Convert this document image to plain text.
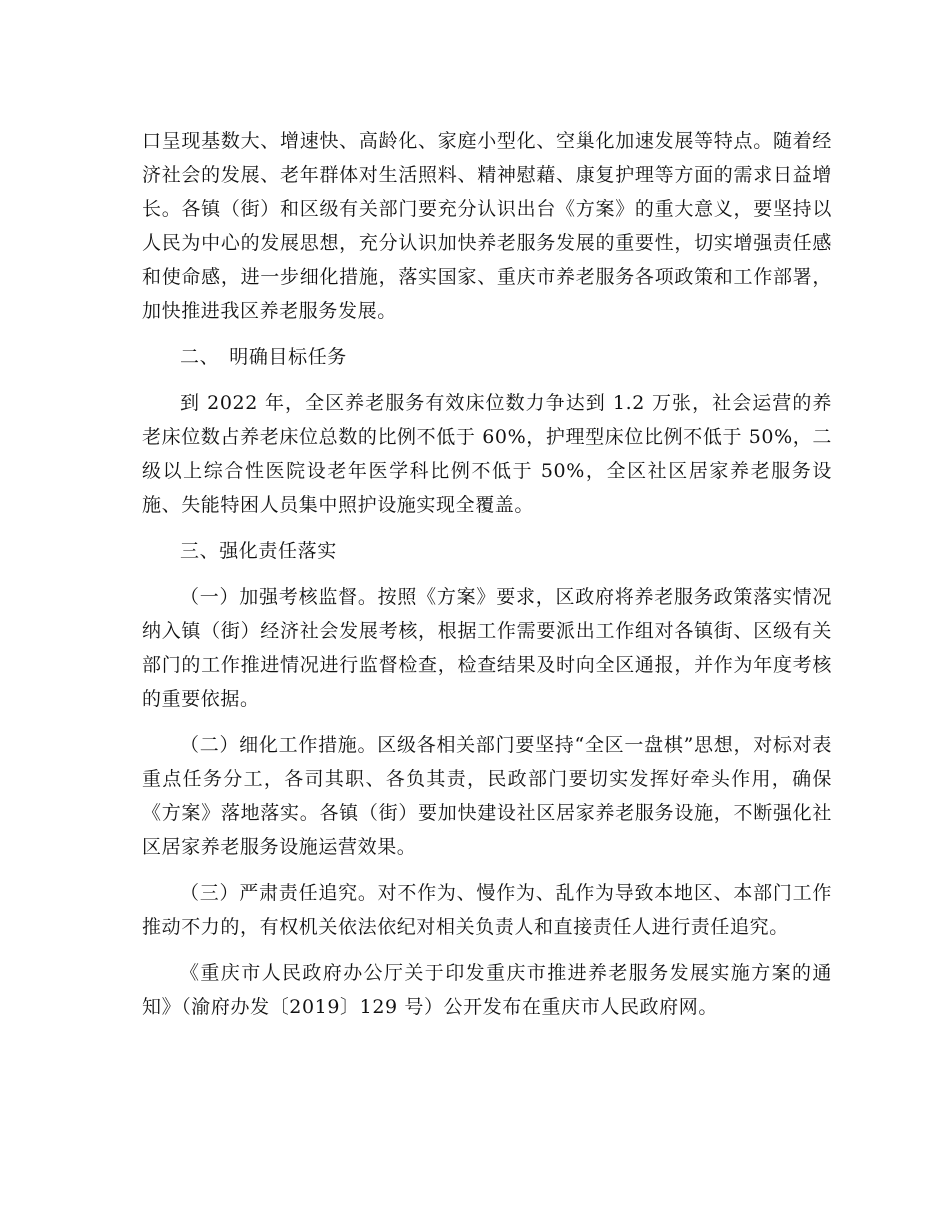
口呈现基数大、增速快、高龄化、家庭小型化、空巢化加速发展等特点。随着经济社会的发展、老年群体对生活照料、精神慰藉、康复护理等方面的需求日益增长。各镇（街）和区级有关部门要充分认识出台《方案》的重大意义，要坚持以人民为中心的发展思想，充分认识加快养老服务发展的重要性，切实增强责任感和使命感，进一步细化措施，落实国家、重庆市养老服务各项政策和工作部署，加快推进我区养老服务发展。

二、　明确目标任务

到 2022 年，全区养老服务有效床位数力争达到 1.2 万张，社会运营的养老床位数占养老床位总数的比例不低于 60%，护理型床位比例不低于 50%，二级以上综合性医院设老年医学科比例不低于 50%，全区社区居家养老服务设施、失能特困人员集中照护设施实现全覆盖。

三、强化责任落实

（一）加强考核监督。按照《方案》要求，区政府将养老服务政策落实情况纳入镇（街）经济社会发展考核，根据工作需要派出工作组对各镇街、区级有关部门的工作推进情况进行监督检查，检查结果及时向全区通报，并作为年度考核的重要依据。

（二）细化工作措施。区级各相关部门要坚持“全区一盘棋”思想，对标对表重点任务分工，各司其职、各负其责，民政部门要切实发挥好牵头作用，确保《方案》落地落实。各镇（街）要加快建设社区居家养老服务设施，不断强化社区居家养老服务设施运营效果。

（三）严肃责任追究。对不作为、慢作为、乱作为导致本地区、本部门工作推动不力的，有权机关依法依纪对相关负责人和直接责任人进行责任追究。

《重庆市人民政府办公厅关于印发重庆市推进养老服务发展实施方案的通知》（渝府办发〔2019〕129 号）公开发布在重庆市人民政府网。
